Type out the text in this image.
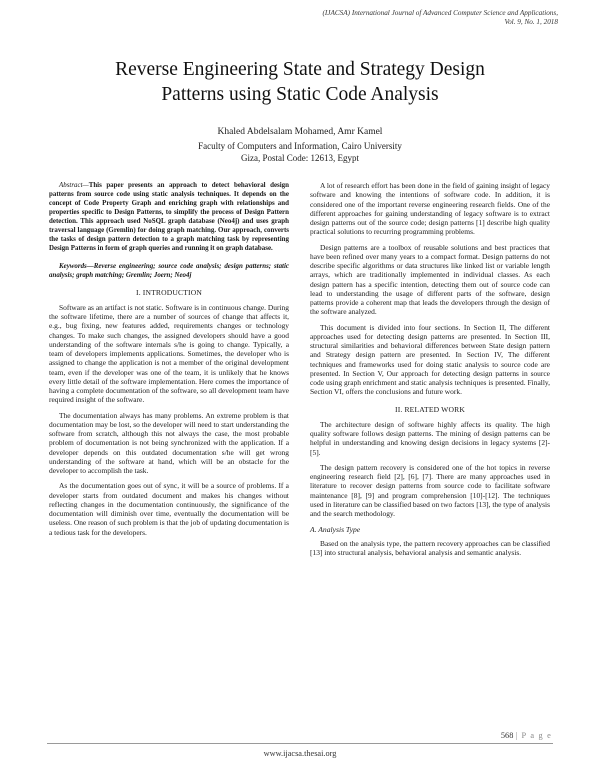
(IJACSA) International Journal of Advanced Computer Science and Applications,
Vol. 9, No. 1, 2018
Reverse Engineering State and Strategy Design
Patterns using Static Code Analysis
Khaled Abdelsalam Mohamed, Amr Kamel
Faculty of Computers and Information, Cairo University
Giza, Postal Code: 12613, Egypt

Abstract—This paper presents an approach to detect behavioral design patterns from source code using static analysis techniques. It depends on the concept of Code Property Graph and enriching graph with relationships and properties specific to Design Patterns, to simplify the process of Design Pattern detection. This approach used NoSQL graph database (Neo4j) and uses graph traversal language (Gremlin) for doing graph matching. Our approach, converts the tasks of design pattern detection to a graph matching task by representing Design Patterns in form of graph queries and running it on graph database.

Keywords—Reverse engineering; source code analysis; design patterns; static analysis; graph matching; Gremlin; Joern; Neo4j

I. INTRODUCTION

Software as an artifact is not static. Software is in continuous change. During the software lifetime, there are a number of sources of change that affects it, e.g., bug fixing, new features added, requirements changes or technology changes. To make such changes, the assigned developers should have a good understanding of the software internals s/he is going to change. Typically, a team of developers implements applications. Sometimes, the developer who is assigned to change the application is not a member of the original development team, even if the developer was one of the team, it is unlikely that he knows every little detail of the software implementation. Here comes the importance of having a complete documentation of the software, so all development team have required insight of the software.

The documentation always has many problems. An extreme problem is that documentation may be lost, so the developer will need to start understanding the software from scratch, although this not always the case, the most probable problem of documentation is not being synchronized with the application. If a developer depends on this outdated documentation s/he will get wrong understanding of the software at hand, which will be an obstacle for the developer to accomplish the task.

As the documentation goes out of sync, it will be a source of problems. If a developer starts from outdated document and makes his changes without reflecting changes in the documentation continuously, the significance of the documentation will diminish over time, eventually the documentation will be useless. One reason of such problem is that the job of updating documentation is a tedious task for the developers.

A lot of research effort has been done in the field of gaining insight of legacy software and knowing the intentions of software code. In addition, it is considered one of the important reverse engineering research fields. One of the different approaches for gaining understanding of legacy software is to extract design patterns out of the source code; design patterns [1] describe high quality practical solutions to recurring programming problems.

Design patterns are a toolbox of reusable solutions and best practices that have been refined over many years to a compact format. Design patterns do not describe specific algorithms or data structures like linked list or variable length arrays, which are traditionally implemented in individual classes. As each design pattern has a specific intention, detecting them out of source code can lead to understanding the usage of different parts of the software, design patterns provide a coherent map that leads the developers through the design of the software analyzed.

This document is divided into four sections. In Section II, The different approaches used for detecting design patterns are presented. In Section III, structural similarities and behavioral differences between State design pattern and Strategy design pattern are presented. In Section IV, The different techniques and frameworks used for doing static analysis to source code are presented. In Section V, Our approach for detecting design patterns in source code using graph enrichment and static analysis techniques is presented. Finally, Section VI, offers the conclusions and future work.

II. RELATED WORK

The architecture design of software highly affects its quality. The high quality software follows design patterns. The mining of design patterns can be helpful in understanding and knowing design decisions in legacy systems [2]-[5].

The design pattern recovery is considered one of the hot topics in reverse engineering research field [2], [6], [7]. There are many approaches used in literature to recover design patterns from source code to facilitate software maintenance [8], [9] and program comprehension [10]-[12]. The techniques used in literature can be classified based on two factors [13], the type of analysis and the search methodology.

A. Analysis Type

Based on the analysis type, the pattern recovery approaches can be classified [13] into structural analysis, behavioral analysis and semantic analysis.

568 | P a g e
www.ijacsa.thesai.org
